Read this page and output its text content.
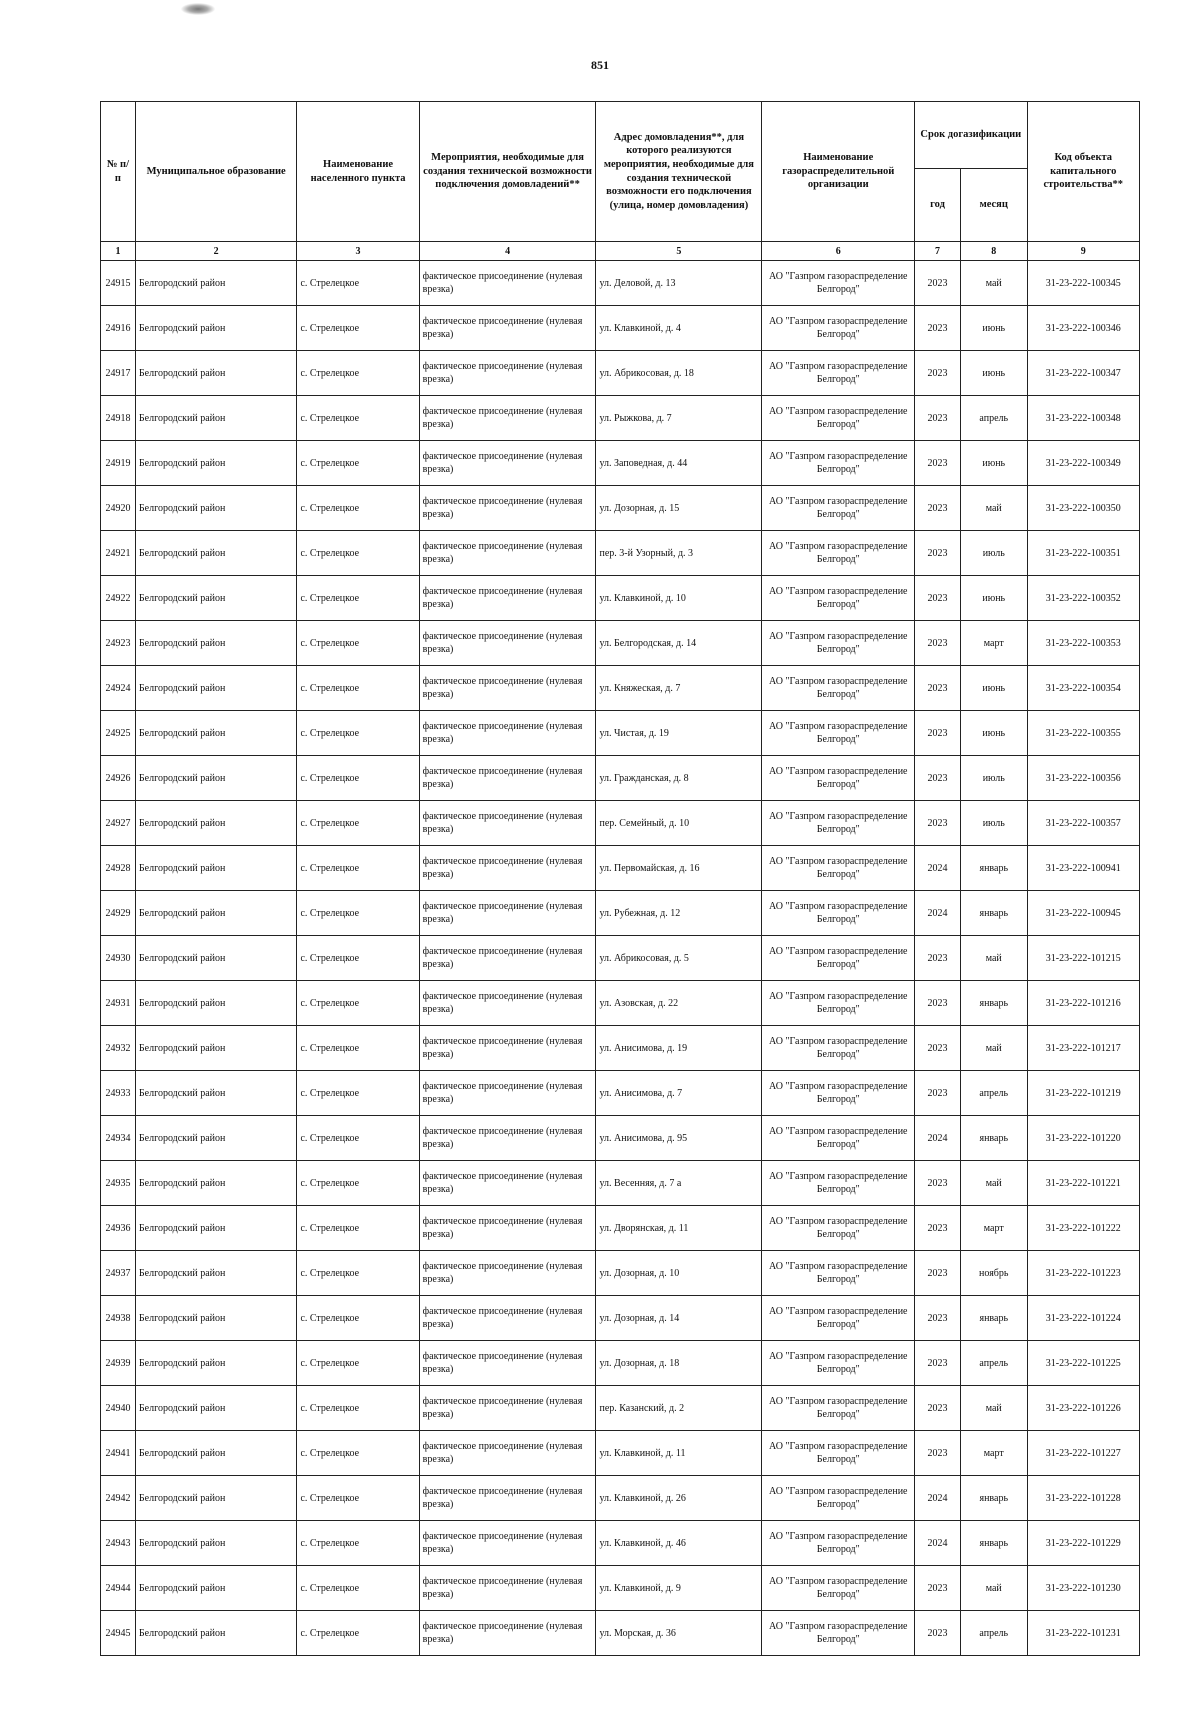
851
№ п/п	Муниципальное образование	Наименование населенного пункта	Мероприятия, необходимые для создания технической возможности подключения домовладений**	Адрес домовладения**, для которого реализуются мероприятия, необходимые для создания технической возможности его подключения (улица, номер домовладения)	Наименование газораспределительной организации	Срок догазификации		Код объекта капитального строительства**
						год	месяц	
1	2	3	4	5	6	7	8	9
24915	Белгородский район	с. Стрелецкое	фактическое присоединение (нулевая врезка)	ул. Деловой, д. 13	АО "Газпром газораспределение Белгород"	2023	май	31-23-222-100345
24916	Белгородский район	с. Стрелецкое	фактическое присоединение (нулевая врезка)	ул. Клавкиной, д. 4	АО "Газпром газораспределение Белгород"	2023	июнь	31-23-222-100346
24917	Белгородский район	с. Стрелецкое	фактическое присоединение (нулевая врезка)	ул. Абрикосовая, д. 18	АО "Газпром газораспределение Белгород"	2023	июнь	31-23-222-100347
24918	Белгородский район	с. Стрелецкое	фактическое присоединение (нулевая врезка)	ул. Рыжкова, д. 7	АО "Газпром газораспределение Белгород"	2023	апрель	31-23-222-100348
24919	Белгородский район	с. Стрелецкое	фактическое присоединение (нулевая врезка)	ул. Заповедная, д. 44	АО "Газпром газораспределение Белгород"	2023	июнь	31-23-222-100349
24920	Белгородский район	с. Стрелецкое	фактическое присоединение (нулевая врезка)	ул. Дозорная, д. 15	АО "Газпром газораспределение Белгород"	2023	май	31-23-222-100350
24921	Белгородский район	с. Стрелецкое	фактическое присоединение (нулевая врезка)	пер. 3-й Узорный, д. 3	АО "Газпром газораспределение Белгород"	2023	июль	31-23-222-100351
24922	Белгородский район	с. Стрелецкое	фактическое присоединение (нулевая врезка)	ул. Клавкиной, д. 10	АО "Газпром газораспределение Белгород"	2023	июнь	31-23-222-100352
24923	Белгородский район	с. Стрелецкое	фактическое присоединение (нулевая врезка)	ул. Белгородская, д. 14	АО "Газпром газораспределение Белгород"	2023	март	31-23-222-100353
24924	Белгородский район	с. Стрелецкое	фактическое присоединение (нулевая врезка)	ул. Княжеская, д. 7	АО "Газпром газораспределение Белгород"	2023	июнь	31-23-222-100354
24925	Белгородский район	с. Стрелецкое	фактическое присоединение (нулевая врезка)	ул. Чистая, д. 19	АО "Газпром газораспределение Белгород"	2023	июнь	31-23-222-100355
24926	Белгородский район	с. Стрелецкое	фактическое присоединение (нулевая врезка)	ул. Гражданская, д. 8	АО "Газпром газораспределение Белгород"	2023	июль	31-23-222-100356
24927	Белгородский район	с. Стрелецкое	фактическое присоединение (нулевая врезка)	пер. Семейный, д. 10	АО "Газпром газораспределение Белгород"	2023	июль	31-23-222-100357
24928	Белгородский район	с. Стрелецкое	фактическое присоединение (нулевая врезка)	ул. Первомайская, д. 16	АО "Газпром газораспределение Белгород"	2024	январь	31-23-222-100941
24929	Белгородский район	с. Стрелецкое	фактическое присоединение (нулевая врезка)	ул. Рубежная, д. 12	АО "Газпром газораспределение Белгород"	2024	январь	31-23-222-100945
24930	Белгородский район	с. Стрелецкое	фактическое присоединение (нулевая врезка)	ул. Абрикосовая, д. 5	АО "Газпром газораспределение Белгород"	2023	май	31-23-222-101215
24931	Белгородский район	с. Стрелецкое	фактическое присоединение (нулевая врезка)	ул. Азовская, д. 22	АО "Газпром газораспределение Белгород"	2023	январь	31-23-222-101216
24932	Белгородский район	с. Стрелецкое	фактическое присоединение (нулевая врезка)	ул. Анисимова, д. 19	АО "Газпром газораспределение Белгород"	2023	май	31-23-222-101217
24933	Белгородский район	с. Стрелецкое	фактическое присоединение (нулевая врезка)	ул. Анисимова, д. 7	АО "Газпром газораспределение Белгород"	2023	апрель	31-23-222-101219
24934	Белгородский район	с. Стрелецкое	фактическое присоединение (нулевая врезка)	ул. Анисимова, д. 95	АО "Газпром газораспределение Белгород"	2024	январь	31-23-222-101220
24935	Белгородский район	с. Стрелецкое	фактическое присоединение (нулевая врезка)	ул. Весенняя, д. 7 а	АО "Газпром газораспределение Белгород"	2023	май	31-23-222-101221
24936	Белгородский район	с. Стрелецкое	фактическое присоединение (нулевая врезка)	ул. Дворянская, д. 11	АО "Газпром газораспределение Белгород"	2023	март	31-23-222-101222
24937	Белгородский район	с. Стрелецкое	фактическое присоединение (нулевая врезка)	ул. Дозорная, д. 10	АО "Газпром газораспределение Белгород"	2023	ноябрь	31-23-222-101223
24938	Белгородский район	с. Стрелецкое	фактическое присоединение (нулевая врезка)	ул. Дозорная, д. 14	АО "Газпром газораспределение Белгород"	2023	январь	31-23-222-101224
24939	Белгородский район	с. Стрелецкое	фактическое присоединение (нулевая врезка)	ул. Дозорная, д. 18	АО "Газпром газораспределение Белгород"	2023	апрель	31-23-222-101225
24940	Белгородский район	с. Стрелецкое	фактическое присоединение (нулевая врезка)	пер. Казанский, д. 2	АО "Газпром газораспределение Белгород"	2023	май	31-23-222-101226
24941	Белгородский район	с. Стрелецкое	фактическое присоединение (нулевая врезка)	ул. Клавкиной, д. 11	АО "Газпром газораспределение Белгород"	2023	март	31-23-222-101227
24942	Белгородский район	с. Стрелецкое	фактическое присоединение (нулевая врезка)	ул. Клавкиной, д. 26	АО "Газпром газораспределение Белгород"	2024	январь	31-23-222-101228
24943	Белгородский район	с. Стрелецкое	фактическое присоединение (нулевая врезка)	ул. Клавкиной, д. 46	АО "Газпром газораспределение Белгород"	2024	январь	31-23-222-101229
24944	Белгородский район	с. Стрелецкое	фактическое присоединение (нулевая врезка)	ул. Клавкиной, д. 9	АО "Газпром газораспределение Белгород"	2023	май	31-23-222-101230
24945	Белгородский район	с. Стрелецкое	фактическое присоединение (нулевая врезка)	ул. Морская, д. 36	АО "Газпром газораспределение Белгород"	2023	апрель	31-23-222-101231
